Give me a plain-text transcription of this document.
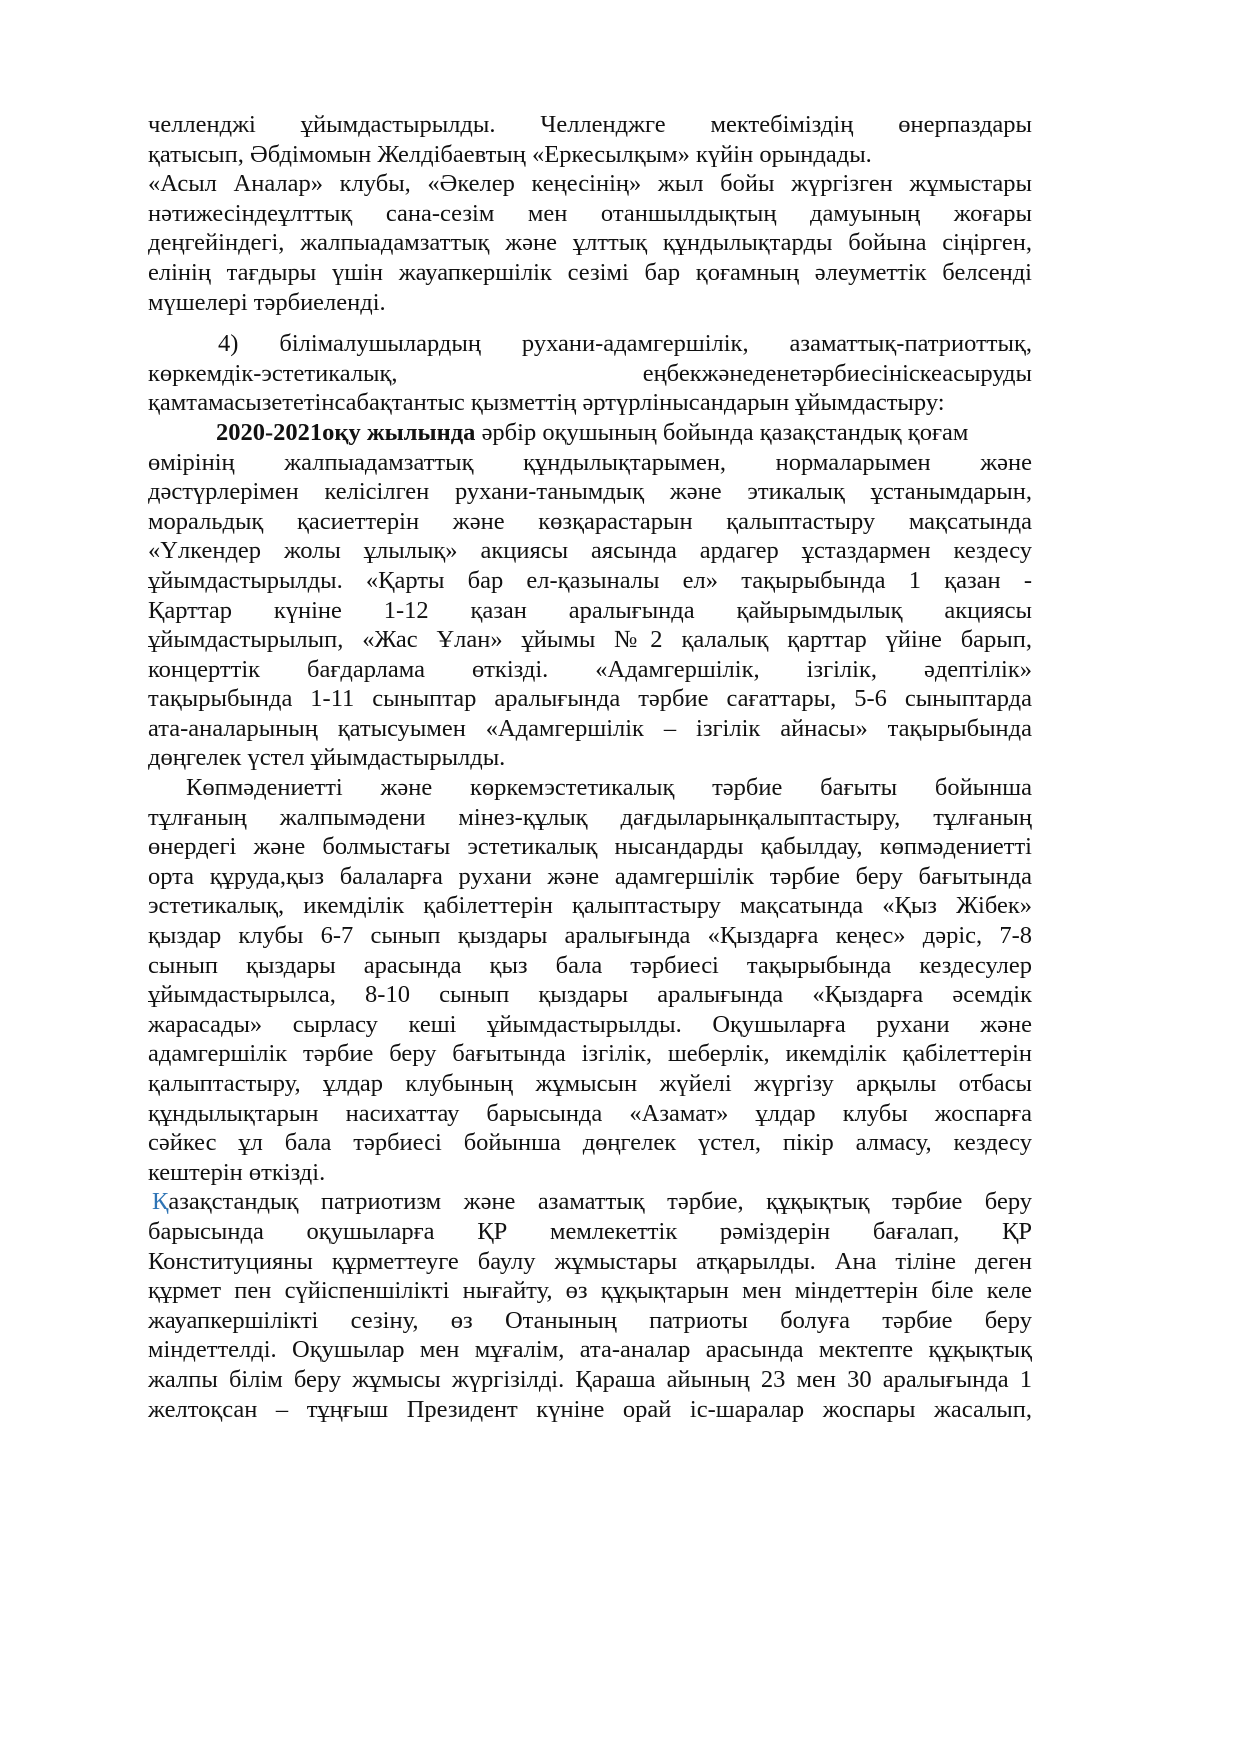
челленджі ұйымдастырылды. Челленджге мектебіміздің өнерпаздары
қатысып, Әбдімомын Желдібаевтың «Еркесылқым» күйін орындады.
«Асыл Аналар» клубы, «Әкелер кеңесінің» жыл бойы жүргізген жұмыстары
нәтижесіндеұлттық сана-сезім мен отаншылдықтың дамуының жоғары
деңгейіндегі, жалпыадамзаттық және ұлттық құндылықтарды бойына сіңірген,
елінің тағдыры үшін жауапкершілік сезімі бар қоғамның әлеуметтік белсенді
мүшелері тәрбиеленді.
4) білімалушылардың рухани-адамгершілік, азаматтық-патриоттық,
көркемдік-эстетикалық, еңбекжәнеденетәрбиесініскеасыруды
қамтамасызететінсабақтантыс қызметтің әртүрлінысандарын ұйымдастыру:
2020-2021оқу жылында әрбір оқушының бойында қазақстандық қоғам
өмірінің жалпыадамзаттық құндылықтарымен, нормаларымен және
дәстүрлерімен келісілген рухани-танымдық және этикалық ұстанымдарын,
моральдық қасиеттерін және көзқарастарын қалыптастыру мақсатында
«Үлкендер жолы ұлылық» акциясы аясында ардагер ұстаздармен кездесу
ұйымдастырылды. «Қарты бар ел-қазыналы ел» тақырыбында 1 қазан -
Қарттар күніне 1-12 қазан аралығында қайырымдылық акциясы
ұйымдастырылып, «Жас Ұлан» ұйымы №2 қалалық қарттар үйіне барып,
концерттік бағдарлама өткізді. «Адамгершілік, ізгілік, әдептілік»
тақырыбында 1-11 сыныптар аралығында тәрбие сағаттары, 5-6 сыныптарда
ата-аналарының қатысуымен «Адамгершілік – ізгілік айнасы» тақырыбында
дөңгелек үстел ұйымдастырылды.
Көпмәдениетті және көркемэстетикалық тәрбие бағыты бойынша
тұлғаның жалпымәдени мінез-құлық дағдыларынқалыптастыру, тұлғаның
өнердегі және болмыстағы эстетикалық нысандарды қабылдау, көпмәдениетті
орта құруда,қыз балаларға рухани және адамгершілік тәрбие беру бағытында
эстетикалық, икемділік қабілеттерін қалыптастыру мақсатында «Қыз Жібек»
қыздар клубы 6-7 сынып қыздары аралығында «Қыздарға кеңес» дәріс, 7-8
сынып қыздары арасында қыз бала тәрбиесі тақырыбында кездесулер
ұйымдастырылса, 8-10 сынып қыздары аралығында «Қыздарға әсемдік
жарасады» сырласу кеші ұйымдастырылды. Оқушыларға рухани және
адамгершілік тәрбие беру бағытында ізгілік, шеберлік, икемділік қабілеттерін
қалыптастыру, ұлдар клубының жұмысын жүйелі жүргізу арқылы отбасы
құндылықтарын насихаттау барысында «Азамат» ұлдар клубы жоспарға
сәйкес ұл бала тәрбиесі бойынша дөңгелек үстел, пікір алмасу, кездесу
кештерін өткізді.
Қазақстандық патриотизм және азаматтық тәрбие, құқықтық тәрбие беру
барысында оқушыларға ҚР мемлекеттік рәміздерін бағалап, ҚР
Конституцияны құрметтеуге баулу жұмыстары атқарылды. Ана тіліне деген
құрмет пен сүйіспеншілікті нығайту, өз құқықтарын мен міндеттерін біле келе
жауапкершілікті сезіну, өз Отанының патриоты болуға тәрбие беру
міндеттелді. Оқушылар мен мұғалім, ата-аналар арасында мектепте құқықтық
жалпы білім беру жұмысы жүргізілді. Қараша айының 23 мен 30 аралығында 1
желтоқсан – тұңғыш Президент күніне орай іс-шаралар жоспары жасалып,
